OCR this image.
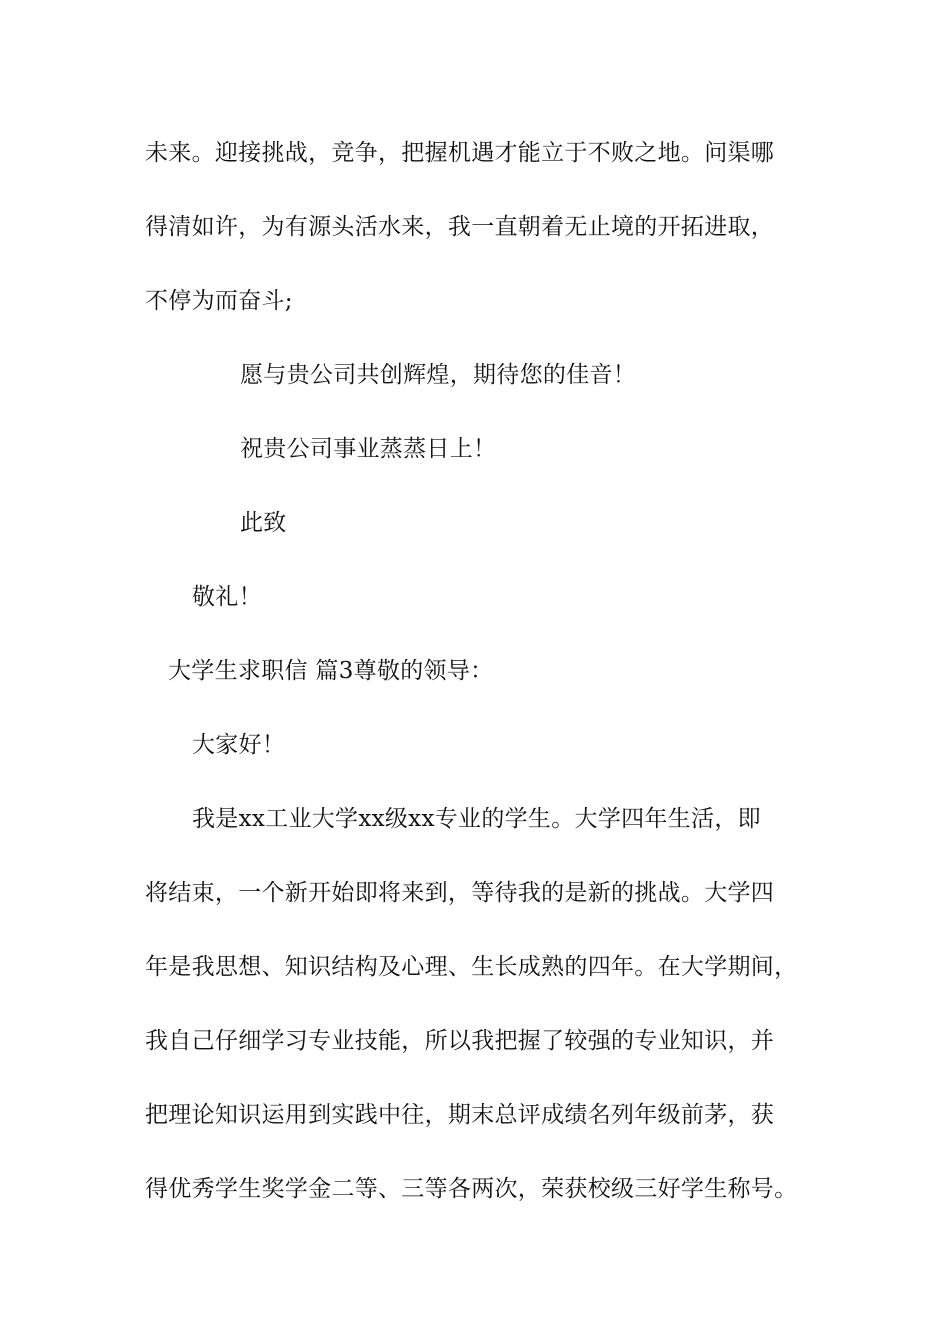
未来。迎接挑战，竞争，把握机遇才能立于不败之地。问渠哪
得清如许，为有源头活水来，我一直朝着无止境的开拓进取，
不停为而奋斗;
愿与贵公司共创辉煌，期待您的佳音！
祝贵公司事业蒸蒸日上！
此致
敬礼！
大学生求职信 篇3尊敬的领导：
大家好！
我是xx工业大学xx级xx专业的学生。大学四年生活，即
将结束，一个新开始即将来到，等待我的是新的挑战。大学四
年是我思想、知识结构及心理、生长成熟的四年。在大学期间，
我自己仔细学习专业技能，所以我把握了较强的专业知识，并
把理论知识运用到实践中往，期末总评成绩名列年级前茅，获
得优秀学生奖学金二等、三等各两次，荣获校级三好学生称号。
